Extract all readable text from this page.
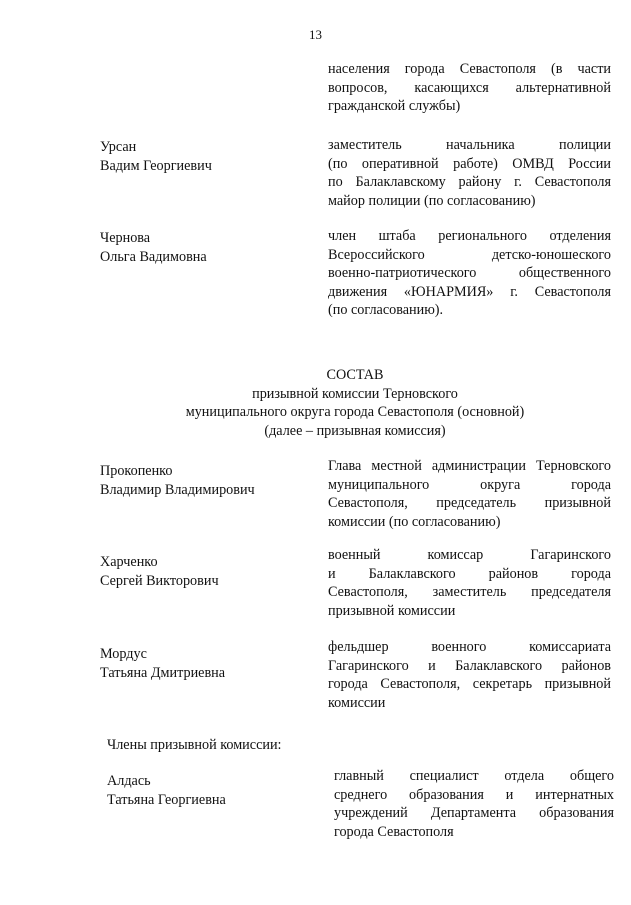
13
населения города Севастополя (в части
вопросов, касающихся альтернативной
гражданской службы)
Урсан
Вадим Георгиевич
заместитель начальника полиции
(по оперативной работе) ОМВД России
по Балаклавскому району г. Севастополя
майор полиции (по согласованию)
Чернова
Ольга Вадимовна
член штаба регионального отделения
Всероссийского детско-юношеского
военно-патриотического общественного
движения «ЮНАРМИЯ» г. Севастополя
(по согласованию).
СОСТАВ
призывной комиссии Терновского
муниципального округа города Севастополя (основной)
(далее – призывная комиссия)
Прокопенко
Владимир Владимирович
Глава местной администрации Терновского
муниципального округа города
Севастополя, председатель призывной
комиссии (по согласованию)
Харченко
Сергей Викторович
военный комиссар Гагаринского
и Балаклавского районов города
Севастополя, заместитель председателя
призывной комиссии
Мордус
Татьяна Дмитриевна
фельдшер военного комиссариата
Гагаринского и Балаклавского районов
города Севастополя, секретарь призывной
комиссии
Члены призывной комиссии:
Алдась
Татьяна Георгиевна
главный специалист отдела общего
среднего образования и интернатных
учреждений Департамента образования
города Севастополя
